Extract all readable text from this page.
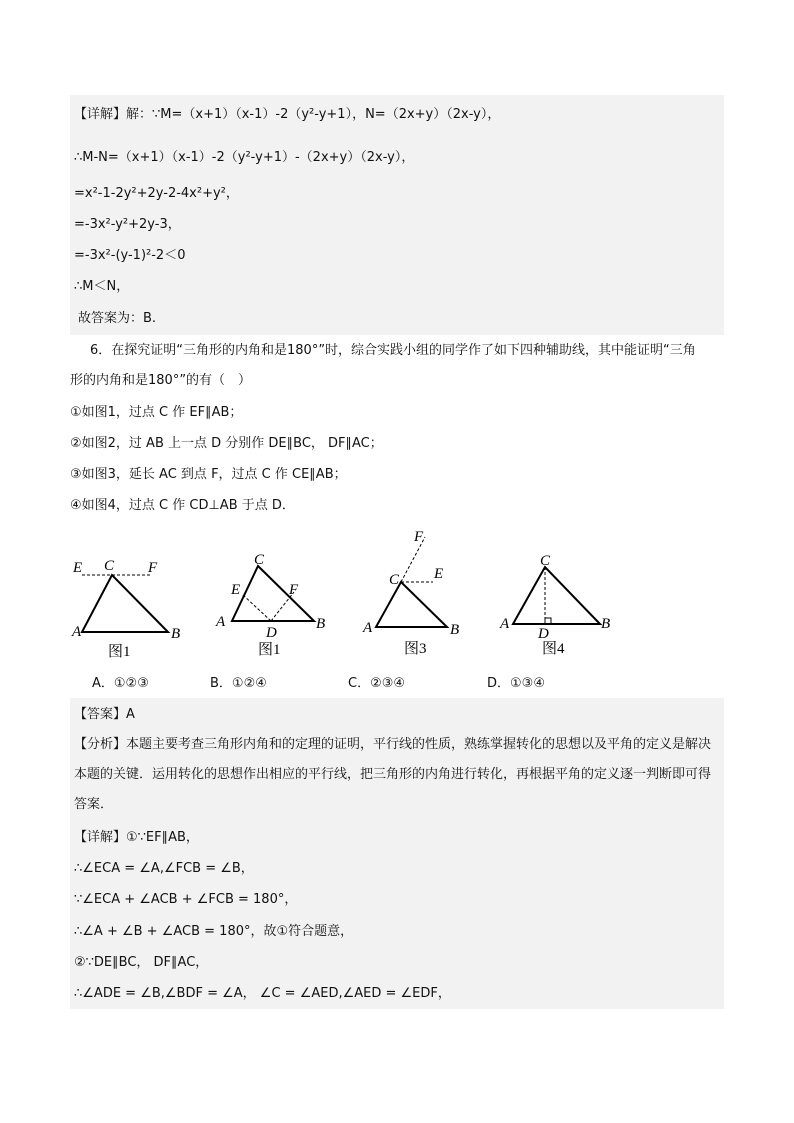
【详解】解：∵M=（x+1）（x-1）-2（y²-y+1），N=（2x+y）（2x-y），
∴M-N=（x+1）（x-1）-2（y²-y+1）-（2x+y）（2x-y），
=x²-1-2y²+2y-2-4x²+y²，
=-3x²-y²+2y-3，
=-3x²-(y-1)²-2＜0
∴M＜N，
故答案为：B.
6．在探究证明“三角形的内角和是180°”时，综合实践小组的同学作了如下四种辅助线，其中能证明“三角
形的内角和是180°”的有（　）
①如图1，过点 C 作 EF∥AB；
②如图2，过 AB 上一点 D 分别作 DE∥BC， DF∥AC；
③如图3，延长 AC 到点 F，过点 C 作 CE∥AB；
④如图4，过点 C 作 CD⊥AB 于点 D．
E C F
A	B
图1
C
E	F
A
D
B
图1
F
C E
A	B
图3
C
A
D
B
图4
A．①②③	B．①②④	C．②③④	D．①③④
【答案】A
【分析】本题主要考查三角形内角和的定理的证明，平行线的性质，熟练掌握转化的思想以及平角的定义是解决本题的关键．运用转化的思想作出相应的平行线，把三角形的内角进行转化，再根据平角的定义逐一判断即可得答案．
【详解】①∵EF∥AB，
∴∠ECA = ∠A,∠FCB = ∠B，
∵∠ECA + ∠ACB + ∠FCB = 180°，
∴∠A + ∠B + ∠ACB = 180°，故①符合题意，
②∵DE∥BC， DF∥AC，
∴∠ADE = ∠B,∠BDF = ∠A， ∠C = ∠AED,∠AED = ∠EDF，
